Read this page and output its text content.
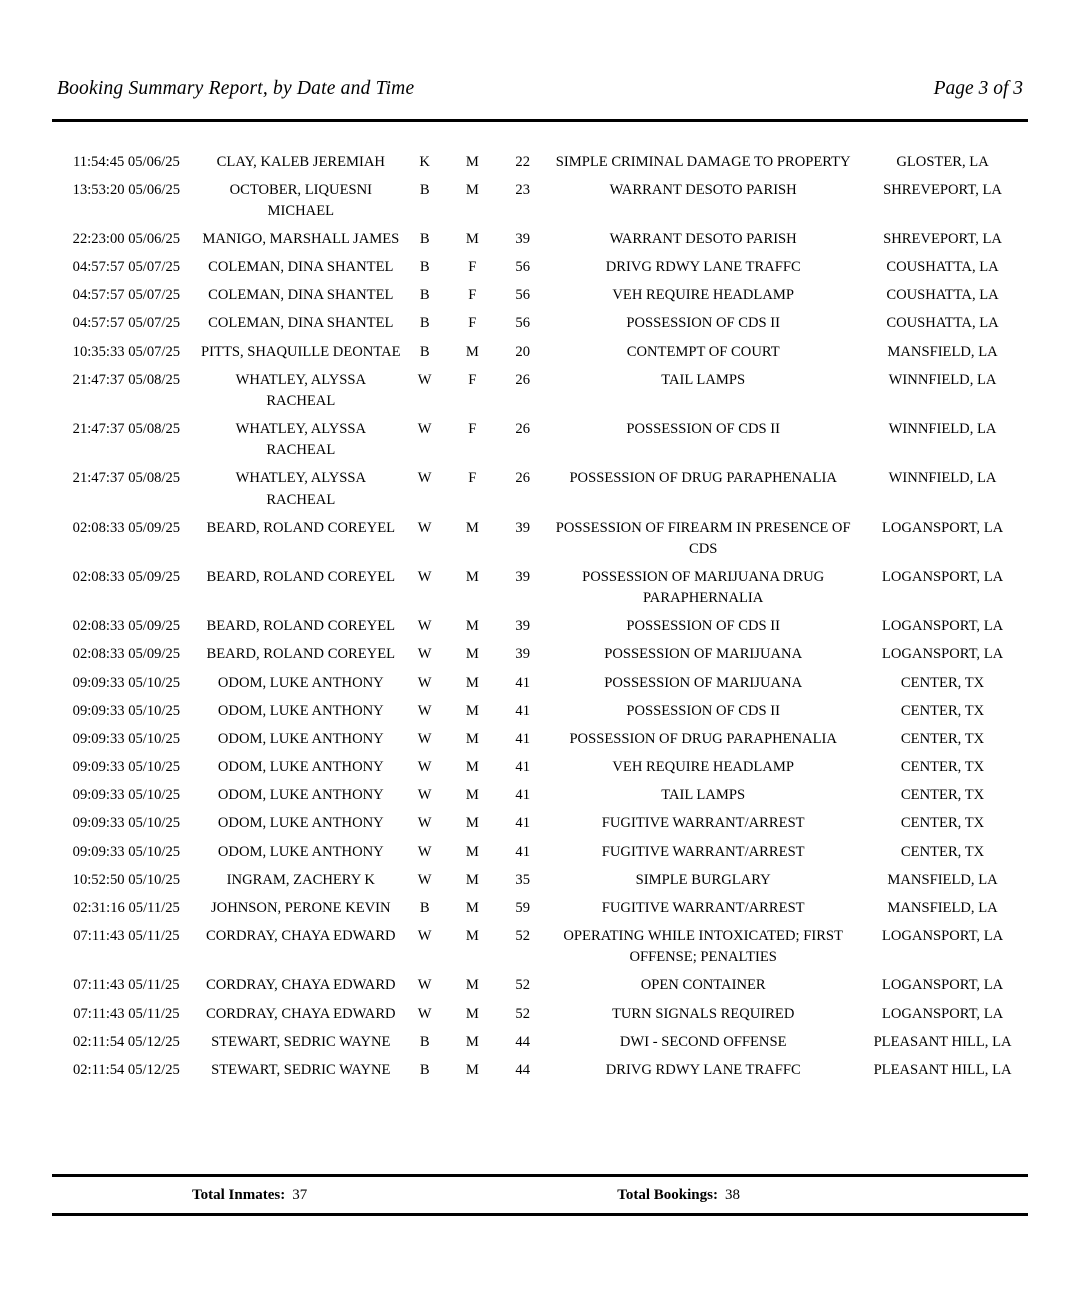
Booking Summary Report, by Date and Time	Page 3 of 3
11:54:45 05/06/25	CLAY, KALEB JEREMIAH	K	M	22	SIMPLE CRIMINAL DAMAGE TO PROPERTY	GLOSTER, LA
13:53:20 05/06/25	OCTOBER, LIQUESNI MICHAEL	B	M	23	WARRANT DESOTO PARISH	SHREVEPORT, LA
22:23:00 05/06/25	MANIGO, MARSHALL JAMES	B	M	39	WARRANT DESOTO PARISH	SHREVEPORT, LA
04:57:57 05/07/25	COLEMAN, DINA SHANTEL	B	F	56	DRIVG RDWY LANE TRAFFC	COUSHATTA, LA
04:57:57 05/07/25	COLEMAN, DINA SHANTEL	B	F	56	VEH REQUIRE HEADLAMP	COUSHATTA, LA
04:57:57 05/07/25	COLEMAN, DINA SHANTEL	B	F	56	POSSESSION OF CDS II	COUSHATTA, LA
10:35:33 05/07/25	PITTS, SHAQUILLE DEONTAE	B	M	20	CONTEMPT OF COURT	MANSFIELD, LA
21:47:37 05/08/25	WHATLEY, ALYSSA RACHEAL	W	F	26	TAIL LAMPS	WINNFIELD, LA
21:47:37 05/08/25	WHATLEY, ALYSSA RACHEAL	W	F	26	POSSESSION OF CDS II	WINNFIELD, LA
21:47:37 05/08/25	WHATLEY, ALYSSA RACHEAL	W	F	26	POSSESSION OF DRUG PARAPHENALIA	WINNFIELD, LA
02:08:33 05/09/25	BEARD, ROLAND COREYEL	W	M	39	POSSESSION OF FIREARM IN PRESENCE OF CDS	LOGANSPORT, LA
02:08:33 05/09/25	BEARD, ROLAND COREYEL	W	M	39	POSSESSION OF MARIJUANA DRUG PARAPHERNALIA	LOGANSPORT, LA
02:08:33 05/09/25	BEARD, ROLAND COREYEL	W	M	39	POSSESSION OF CDS II	LOGANSPORT, LA
02:08:33 05/09/25	BEARD, ROLAND COREYEL	W	M	39	POSSESSION OF MARIJUANA	LOGANSPORT, LA
09:09:33 05/10/25	ODOM, LUKE ANTHONY	W	M	41	POSSESSION OF MARIJUANA	CENTER, TX
09:09:33 05/10/25	ODOM, LUKE ANTHONY	W	M	41	POSSESSION OF CDS II	CENTER, TX
09:09:33 05/10/25	ODOM, LUKE ANTHONY	W	M	41	POSSESSION OF DRUG PARAPHENALIA	CENTER, TX
09:09:33 05/10/25	ODOM, LUKE ANTHONY	W	M	41	VEH REQUIRE HEADLAMP	CENTER, TX
09:09:33 05/10/25	ODOM, LUKE ANTHONY	W	M	41	TAIL LAMPS	CENTER, TX
09:09:33 05/10/25	ODOM, LUKE ANTHONY	W	M	41	FUGITIVE WARRANT/ARREST	CENTER, TX
09:09:33 05/10/25	ODOM, LUKE ANTHONY	W	M	41	FUGITIVE WARRANT/ARREST	CENTER, TX
10:52:50 05/10/25	INGRAM, ZACHERY K	W	M	35	SIMPLE BURGLARY	MANSFIELD, LA
02:31:16 05/11/25	JOHNSON, PERONE KEVIN	B	M	59	FUGITIVE WARRANT/ARREST	MANSFIELD, LA
07:11:43 05/11/25	CORDRAY, CHAYA EDWARD	W	M	52	OPERATING WHILE INTOXICATED; FIRST OFFENSE; PENALTIES	LOGANSPORT, LA
07:11:43 05/11/25	CORDRAY, CHAYA EDWARD	W	M	52	OPEN CONTAINER	LOGANSPORT, LA
07:11:43 05/11/25	CORDRAY, CHAYA EDWARD	W	M	52	TURN SIGNALS REQUIRED	LOGANSPORT, LA
02:11:54 05/12/25	STEWART, SEDRIC WAYNE	B	M	44	DWI - SECOND OFFENSE	PLEASANT HILL, LA
02:11:54 05/12/25	STEWART, SEDRIC WAYNE	B	M	44	DRIVG RDWY LANE TRAFFC	PLEASANT HILL, LA
Total Inmates: 37	Total Bookings: 38
